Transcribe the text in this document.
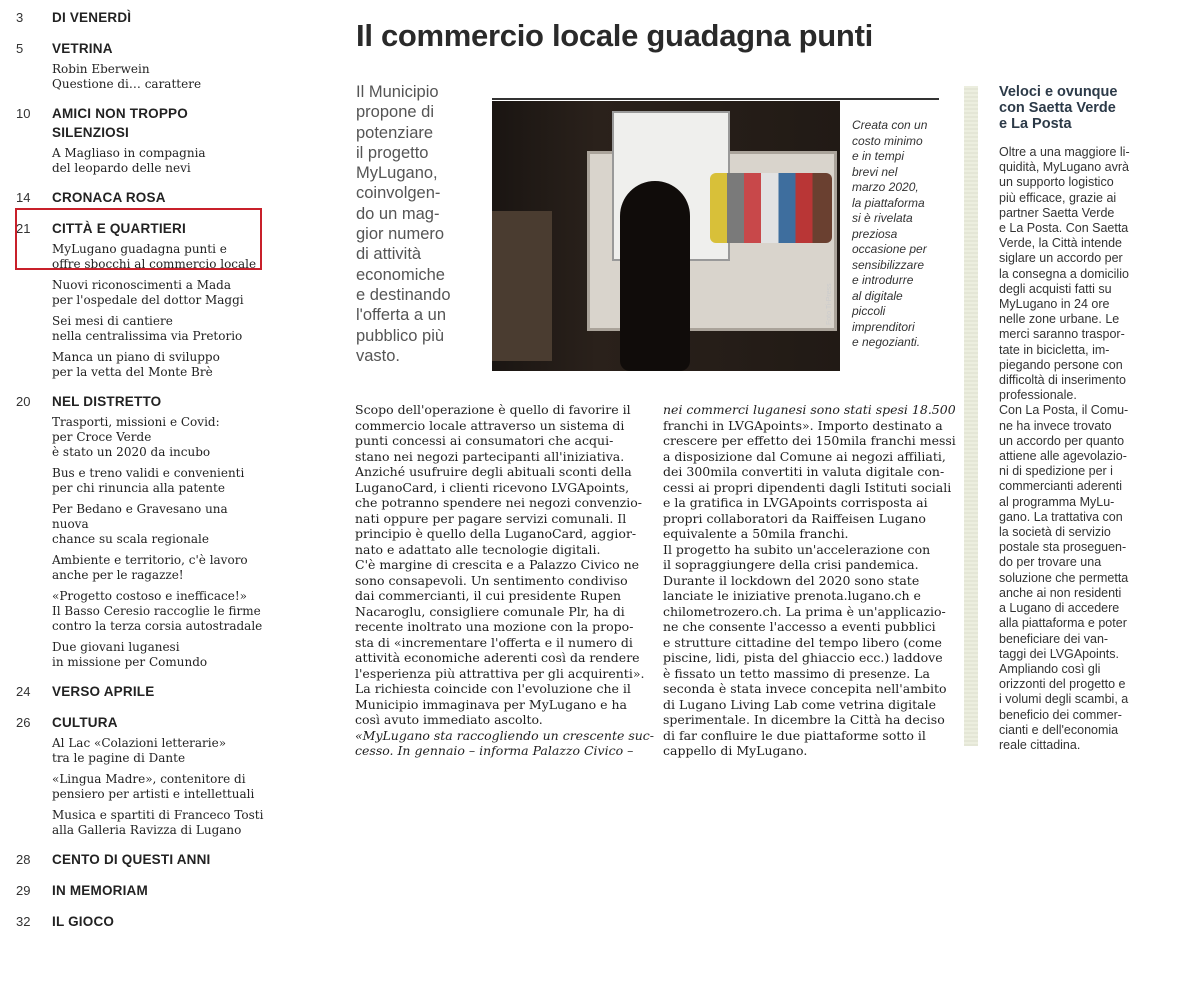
3 DI VENERDÌ
5 VETRINA
Robin Eberwein
Questione di… carattere
10 AMICI NON TROPPO SILENZIOSI
A Magliaso in compagnia
del leopardo delle nevi
14 CRONACA ROSA
21 CITTÀ E QUARTIERI
MyLugano guadagna punti e
offre sbocchi al commercio locale
Nuovi riconoscimenti a Mada
per l'ospedale del dottor Maggi
Sei mesi di cantiere
nella centralissima via Pretorio
Manca un piano di sviluppo
per la vetta del Monte Brè
20 NEL DISTRETTO
Trasporti, missioni e Covid:
per Croce Verde
è stato un 2020 da incubo
Bus e treno validi e convenienti
per chi rinuncia alla patente
Per Bedano e Gravesano una nuova
chance su scala regionale
Ambiente e territorio, c'è lavoro
anche per le ragazze!
«Progetto costoso e inefficace!»
Il Basso Ceresio raccoglie le firme
contro la terza corsia autostradale
Due giovani luganesi
in missione per Comundo
24 VERSO APRILE
26 CULTURA
Al Lac «Colazioni letterarie»
tra le pagine di Dante
«Lingua Madre», contenitore di
pensiero per artisti e intellettuali
Musica e spartiti di Franceco Tosti
alla Galleria Ravizza di Lugano
28 CENTO DI QUESTI ANNI
29 IN MEMORIAM
32 IL GIOCO
Il commercio locale guadagna punti
Il Municipio
propone di
potenziare
il progetto
MyLugano,
coinvolgen-
do un mag-
gior numero
di attività
economiche
e destinando
l'offerta a un
pubblico più
vasto.
Foto Ti-Press
Creata con un
costo minimo
e in tempi
brevi nel
marzo 2020,
la piattaforma
si è rivelata
preziosa
occasione per
sensibilizzare
e introdurre
al digitale
piccoli
imprenditori
e negozianti.
Scopo dell'operazione è quello di favorire il
commercio locale attraverso un sistema di
punti concessi ai consumatori che acqui-
stano nei negozi partecipanti all'iniziativa.
Anziché usufruire degli abituali sconti della
LuganoCard, i clienti ricevono LVGApoints,
che potranno spendere nei negozi convenzio-
nati oppure per pagare servizi comunali. Il
principio è quello della LuganoCard, aggior-
nato e adattato alle tecnologie digitali.
C'è margine di crescita e a Palazzo Civico ne
sono consapevoli. Un sentimento condiviso
dai commercianti, il cui presidente Rupen
Nacaroglu, consigliere comunale Plr, ha di
recente inoltrato una mozione con la propo-
sta di «incrementare l'offerta e il numero di
attività economiche aderenti così da rendere
l'esperienza più attrattiva per gli acquirenti».
La richiesta coincide con l'evoluzione che il
Municipio immaginava per MyLugano e ha
così avuto immediato ascolto.
«MyLugano sta raccogliendo un crescente suc-
cesso. In gennaio – informa Palazzo Civico –
nei commerci luganesi sono stati spesi 18.500
franchi in LVGApoints». Importo destinato a
crescere per effetto dei 150mila franchi messi
a disposizione dal Comune ai negozi affiliati,
dei 300mila convertiti in valuta digitale con-
cessi ai propri dipendenti dagli Istituti sociali
e la gratifica in LVGApoints corrisposta ai
propri collaboratori da Raiffeisen Lugano
equivalente a 50mila franchi.
Il progetto ha subito un'accelerazione con
il sopraggiungere della crisi pandemica.
Durante il lockdown del 2020 sono state
lanciate le iniziative prenota.lugano.ch e
chilometrozero.ch. La prima è un'applicazio-
ne che consente l'accesso a eventi pubblici
e strutture cittadine del tempo libero (come
piscine, lidi, pista del ghiaccio ecc.) laddove
è fissato un tetto massimo di presenze. La
seconda è stata invece concepita nell'ambito
di Lugano Living Lab come vetrina digitale
sperimentale. In dicembre la Città ha deciso
di far confluire le due piattaforme sotto il
cappello di MyLugano.
Veloci e ovunque
con Saetta Verde
e La Posta
Oltre a una maggiore li-
quidità, MyLugano avrà
un supporto logistico
più efficace, grazie ai
partner Saetta Verde
e La Posta. Con Saetta
Verde, la Città intende
siglare un accordo per
la consegna a domicilio
degli acquisti fatti su
MyLugano in 24 ore
nelle zone urbane. Le
merci saranno traspor-
tate in bicicletta, im-
piegando persone con
difficoltà di inserimento
professionale.
Con La Posta, il Comu-
ne ha invece trovato
un accordo per quanto
attiene alle agevolazio-
ni di spedizione per i
commercianti aderenti
al programma MyLu-
gano. La trattativa con
la società di servizio
postale sta proseguen-
do per trovare una
soluzione che permetta
anche ai non residenti
a Lugano di accedere
alla piattaforma e poter
beneficiare dei van-
taggi dei LVGApoints.
Ampliando così gli
orizzonti del progetto e
i volumi degli scambi, a
beneficio dei commer-
cianti e dell'economia
reale cittadina.
